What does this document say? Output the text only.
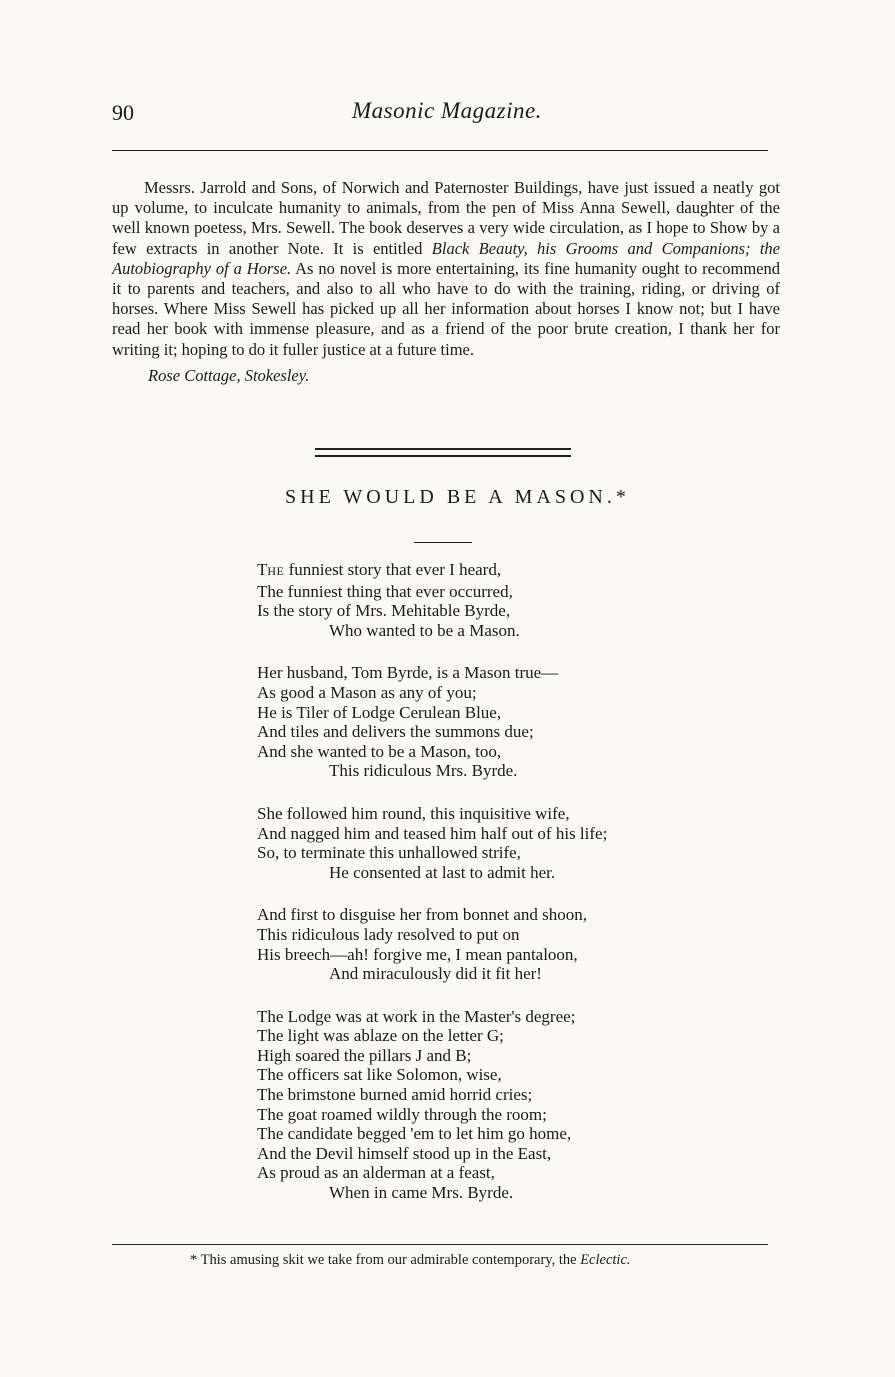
90	Masonic Magazine.

Messrs. Jarrold and Sons, of Norwich and Paternoster Buildings, have just issued a neatly got up volume, to inculcate humanity to animals, from the pen of Miss Anna Sewell, daughter of the well known poetess, Mrs. Sewell. The book deserves a very wide circulation, as I hope to Show by a few extracts in another Note. It is entitled Black Beauty, his Grooms and Companions; the Autobiography of a Horse. As no novel is more entertaining, its fine humanity ought to recommend it to parents and teachers, and also to all who have to do with the training, riding, or driving of horses. Where Miss Sewell has picked up all her information about horses I know not; but I have read her book with immense pleasure, and as a friend of the poor brute creation, I thank her for writing it; hoping to do it fuller justice at a future time.

Rose Cottage, Stokesley.
SHE WOULD BE A MASON.*
THE funniest story that ever I heard,
The funniest thing that ever occurred,
Is the story of Mrs. Mehitable Byrde,
Who wanted to be a Mason.
Her husband, Tom Byrde, is a Mason true—
As good a Mason as any of you;
He is Tiler of Lodge Cerulean Blue,
And tiles and delivers the summons due;
And she wanted to be a Mason, too,
This ridiculous Mrs. Byrde.
She followed him round, this inquisitive wife,
And nagged him and teased him half out of his life;
So, to terminate this unhallowed strife,
He consented at last to admit her.
And first to disguise her from bonnet and shoon,
This ridiculous lady resolved to put on
His breech—ah! forgive me, I mean pantaloon,
And miraculously did it fit her!
The Lodge was at work in the Master's degree;
The light was ablaze on the letter G;
High soared the pillars J and B;
The officers sat like Solomon, wise,
The brimstone burned amid horrid cries;
The goat roamed wildly through the room;
The candidate begged 'em to let him go home,
And the Devil himself stood up in the East,
As proud as an alderman at a feast,
When in came Mrs. Byrde.
* This amusing skit we take from our admirable contemporary, the Eclectic.
